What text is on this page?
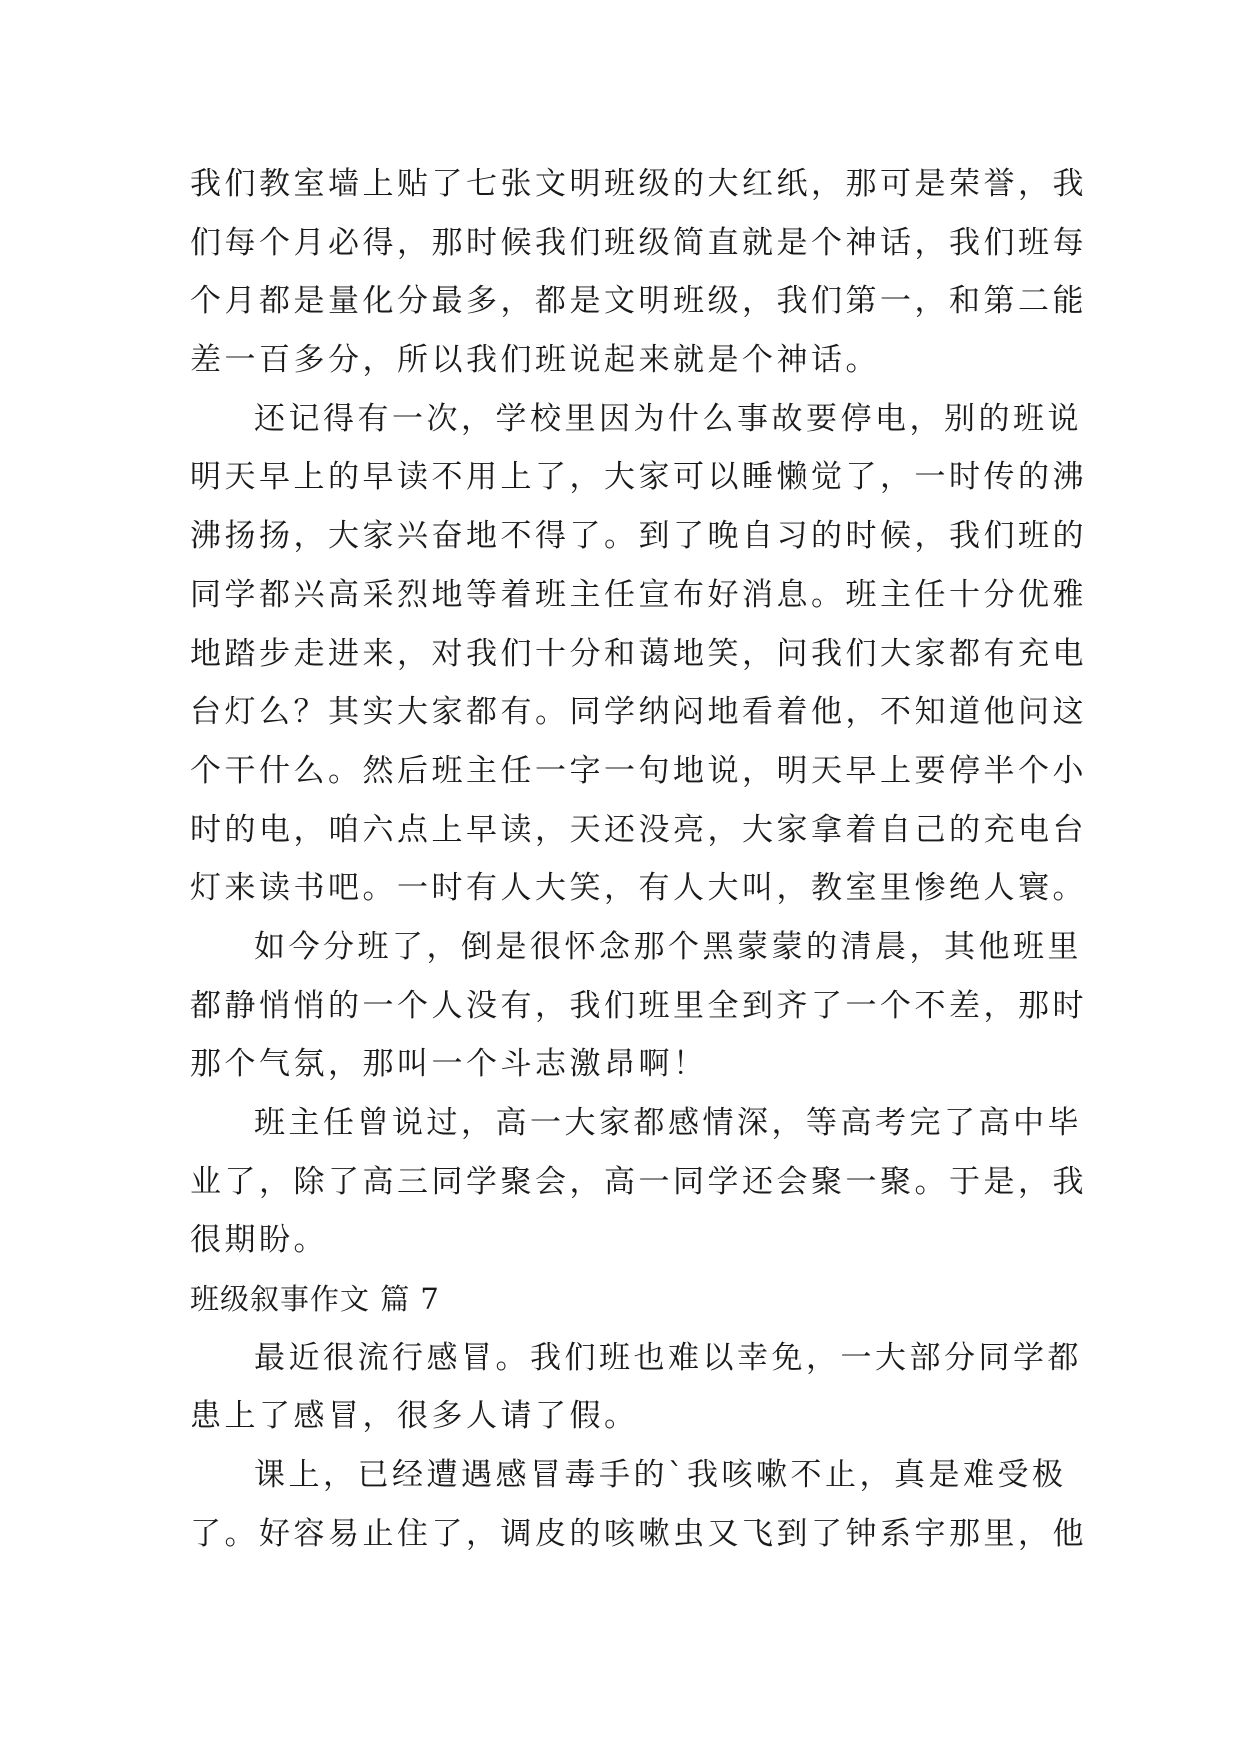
我们教室墙上贴了七张文明班级的大红纸，那可是荣誉，我
们每个月必得，那时候我们班级简直就是个神话，我们班每
个月都是量化分最多，都是文明班级，我们第一，和第二能
差一百多分，所以我们班说起来就是个神话。
还记得有一次，学校里因为什么事故要停电，别的班说
明天早上的早读不用上了，大家可以睡懒觉了，一时传的沸
沸扬扬，大家兴奋地不得了。到了晚自习的时候，我们班的
同学都兴高采烈地等着班主任宣布好消息。班主任十分优雅
地踏步走进来，对我们十分和蔼地笑，问我们大家都有充电
台灯么？其实大家都有。同学纳闷地看着他，不知道他问这
个干什么。然后班主任一字一句地说，明天早上要停半个小
时的电，咱六点上早读，天还没亮，大家拿着自己的充电台
灯来读书吧。一时有人大笑，有人大叫，教室里惨绝人寰。
如今分班了，倒是很怀念那个黑蒙蒙的清晨，其他班里
都静悄悄的一个人没有，我们班里全到齐了一个不差，那时
那个气氛，那叫一个斗志激昂啊！
班主任曾说过，高一大家都感情深，等高考完了高中毕
业了，除了高三同学聚会，高一同学还会聚一聚。于是，我
很期盼。
班级叙事作文 篇 7
最近很流行感冒。我们班也难以幸免，一大部分同学都
患上了感冒，很多人请了假。
课上，已经遭遇感冒毒手的`我咳嗽不止，真是难受极
了。好容易止住了，调皮的咳嗽虫又飞到了钟系宇那里，他
